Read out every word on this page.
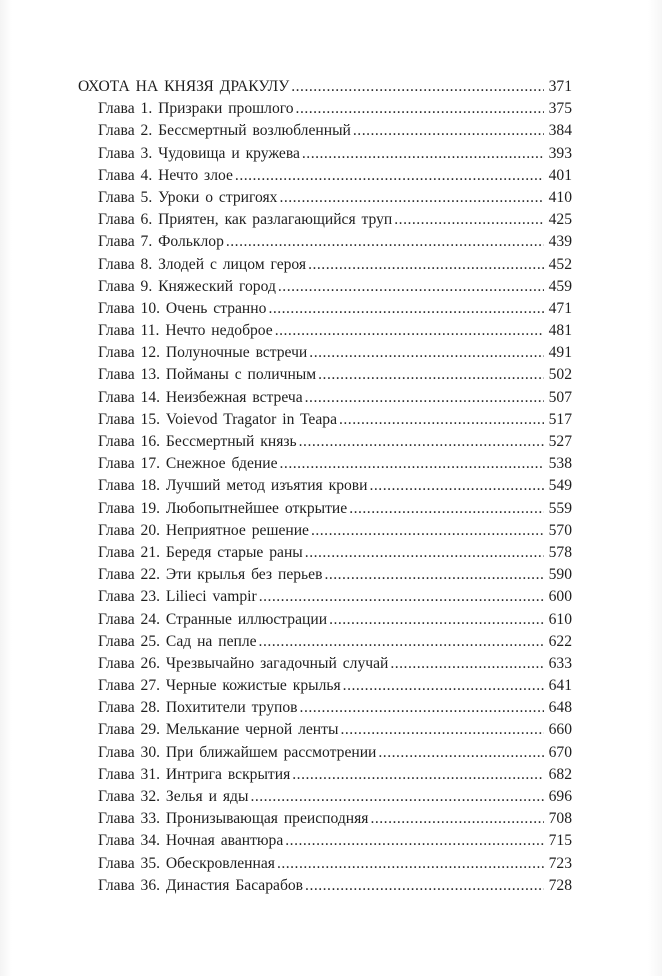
ОХОТА НА КНЯЗЯ ДРАКУЛУ .....	371
Глава 1. Призраки прошлого .....	375
Глава 2. Бессмертный возлюбленный .....	384
Глава 3. Чудовища и кружева .....	393
Глава 4. Нечто злое .....	401
Глава 5. Уроки о стригоях .....	410
Глава 6. Приятен, как разлагающийся труп .....	425
Глава 7. Фольклор .....	439
Глава 8. Злодей с лицом героя .....	452
Глава 9. Княжеский город .....	459
Глава 10. Очень странно .....	471
Глава 11. Нечто недоброе .....	481
Глава 12. Полуночные встречи .....	491
Глава 13. Пойманы с поличным .....	502
Глава 14. Неизбежная встреча .....	507
Глава 15. Voievod Tragator in Teapa .....	517
Глава 16. Бессмертный князь .....	527
Глава 17. Снежное бдение .....	538
Глава 18. Лучший метод изъятия крови .....	549
Глава 19. Любопытнейшее открытие .....	559
Глава 20. Неприятное решение .....	570
Глава 21. Бередя старые раны .....	578
Глава 22. Эти крылья без перьев .....	590
Глава 23. Lilieci vampir .....	600
Глава 24. Странные иллюстрации .....	610
Глава 25. Сад на пепле .....	622
Глава 26. Чрезвычайно загадочный случай .....	633
Глава 27. Черные кожистые крылья .....	641
Глава 28. Похитители трупов .....	648
Глава 29. Мелькание черной ленты .....	660
Глава 30. При ближайшем рассмотрении .....	670
Глава 31. Интрига вскрытия .....	682
Глава 32. Зелья и яды .....	696
Глава 33. Пронизывающая преисподняя .....	708
Глава 34. Ночная авантюра .....	715
Глава 35. Обескровленная .....	723
Глава 36. Династия Басарабов .....	728
